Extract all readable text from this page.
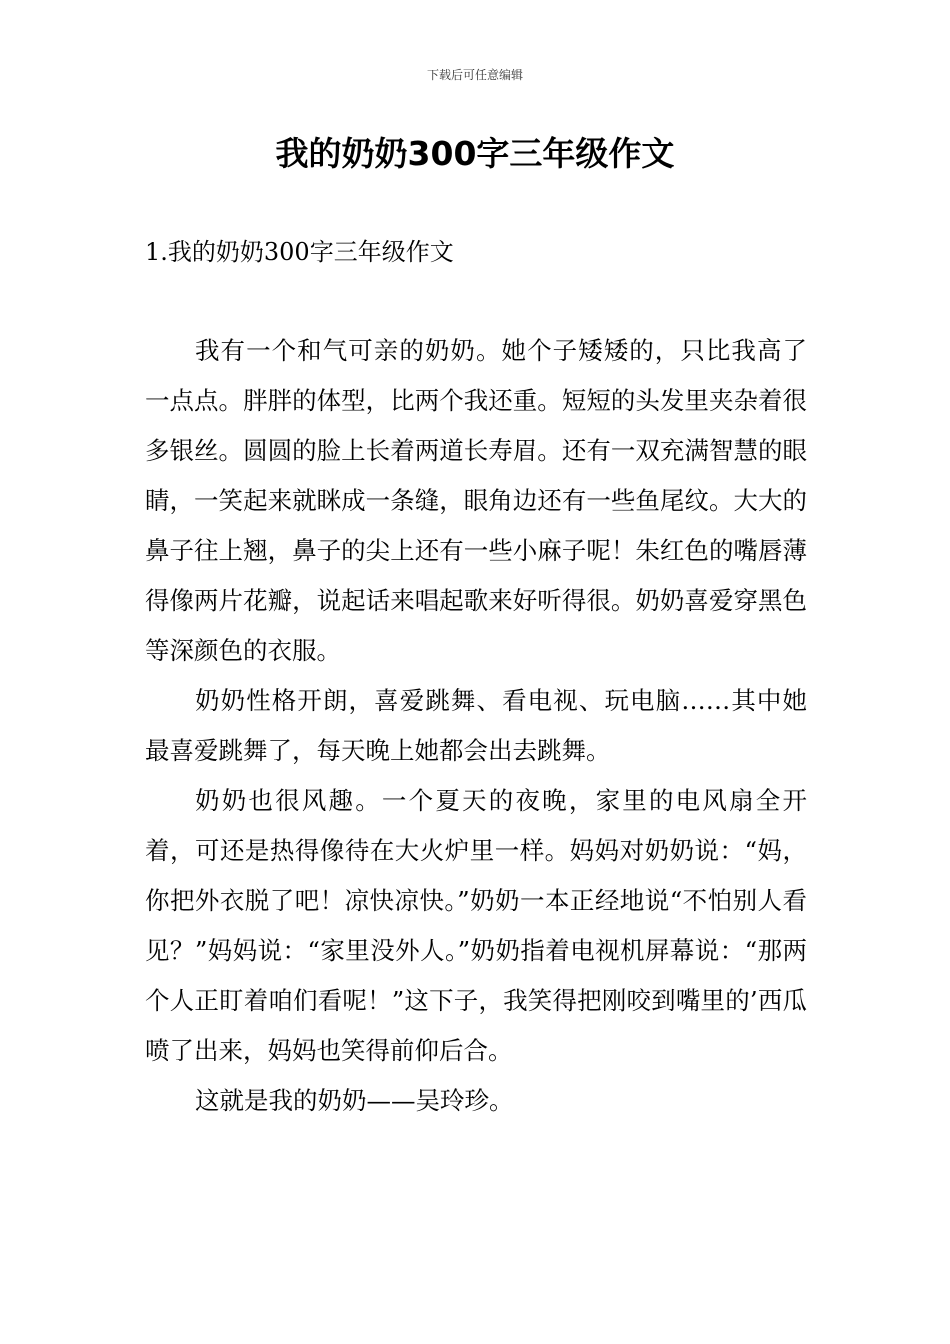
下载后可任意编辑
我的奶奶300字三年级作文
1.我的奶奶300字三年级作文

我有一个和气可亲的奶奶。她个子矮矮的，只比我高了一点点。胖胖的体型，比两个我还重。短短的头发里夹杂着很多银丝。圆圆的脸上长着两道长寿眉。还有一双充满智慧的眼睛，一笑起来就眯成一条缝，眼角边还有一些鱼尾纹。大大的鼻子往上翘，鼻子的尖上还有一些小麻子呢！朱红色的嘴唇薄得像两片花瓣，说起话来唱起歌来好听得很。奶奶喜爱穿黑色等深颜色的衣服。

奶奶性格开朗，喜爱跳舞、看电视、玩电脑……其中她最喜爱跳舞了，每天晚上她都会出去跳舞。

奶奶也很风趣。一个夏天的夜晚，家里的电风扇全开着，可还是热得像待在大火炉里一样。妈妈对奶奶说：“妈，你把外衣脱了吧！凉快凉快。”奶奶一本正经地说“不怕别人看见？”妈妈说：“家里没外人。”奶奶指着电视机屏幕说：“那两个人正盯着咱们看呢！”这下子，我笑得把刚咬到嘴里的’西瓜喷了出来，妈妈也笑得前仰后合。

这就是我的奶奶——吴玲珍。
